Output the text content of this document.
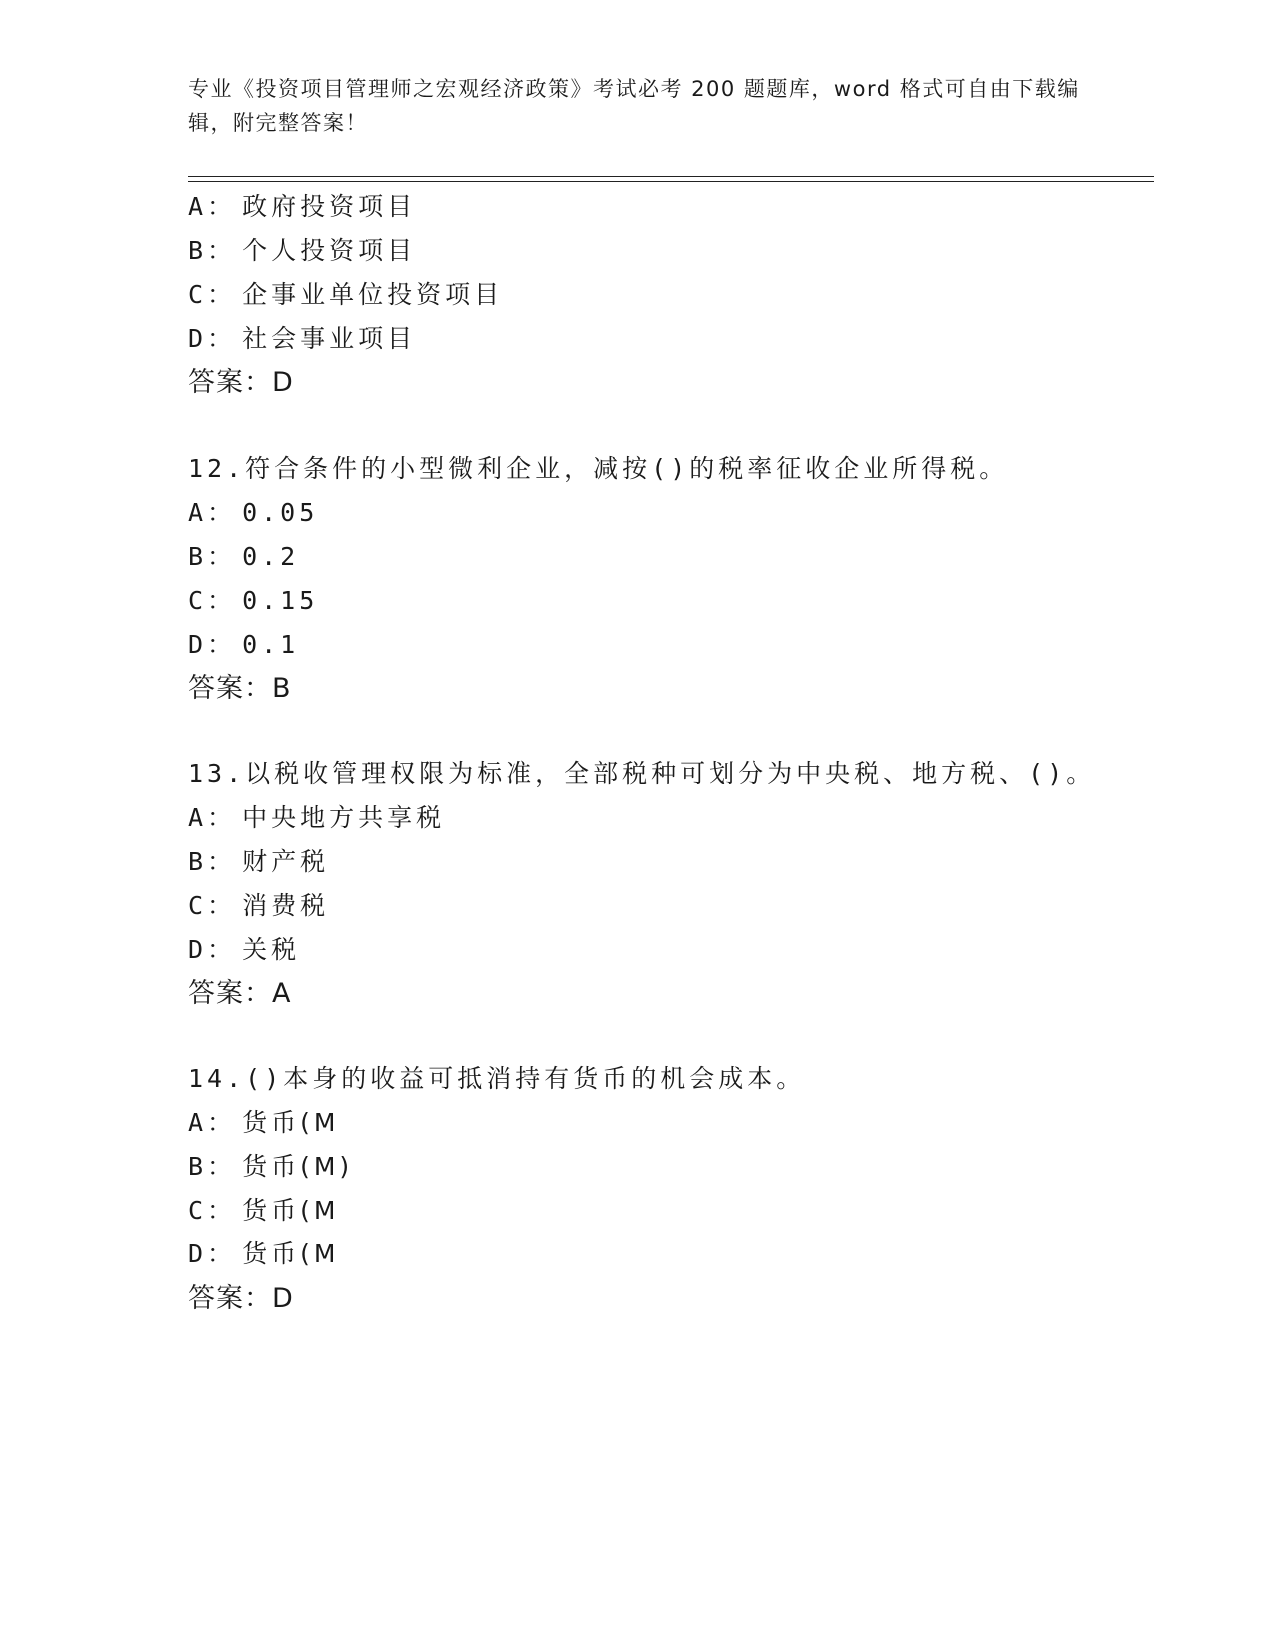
专业《投资项目管理师之宏观经济政策》考试必考 200 题题库，word 格式可自由下载编辑，附完整答案！
A： 政府投资项目
B： 个人投资项目
C： 企事业单位投资项目
D： 社会事业项目
答案：D
12.符合条件的小型微利企业，减按()的税率征收企业所得税。
A： 0.05
B： 0.2
C： 0.15
D： 0.1
答案：B
13.以税收管理权限为标准，全部税种可划分为中央税、地方税、()。
A： 中央地方共享税
B： 财产税
C： 消费税
D： 关税
答案：A
14.()本身的收益可抵消持有货币的机会成本。
A： 货币(M
B： 货币(M)
C： 货币(M
D： 货币(M
答案：D
